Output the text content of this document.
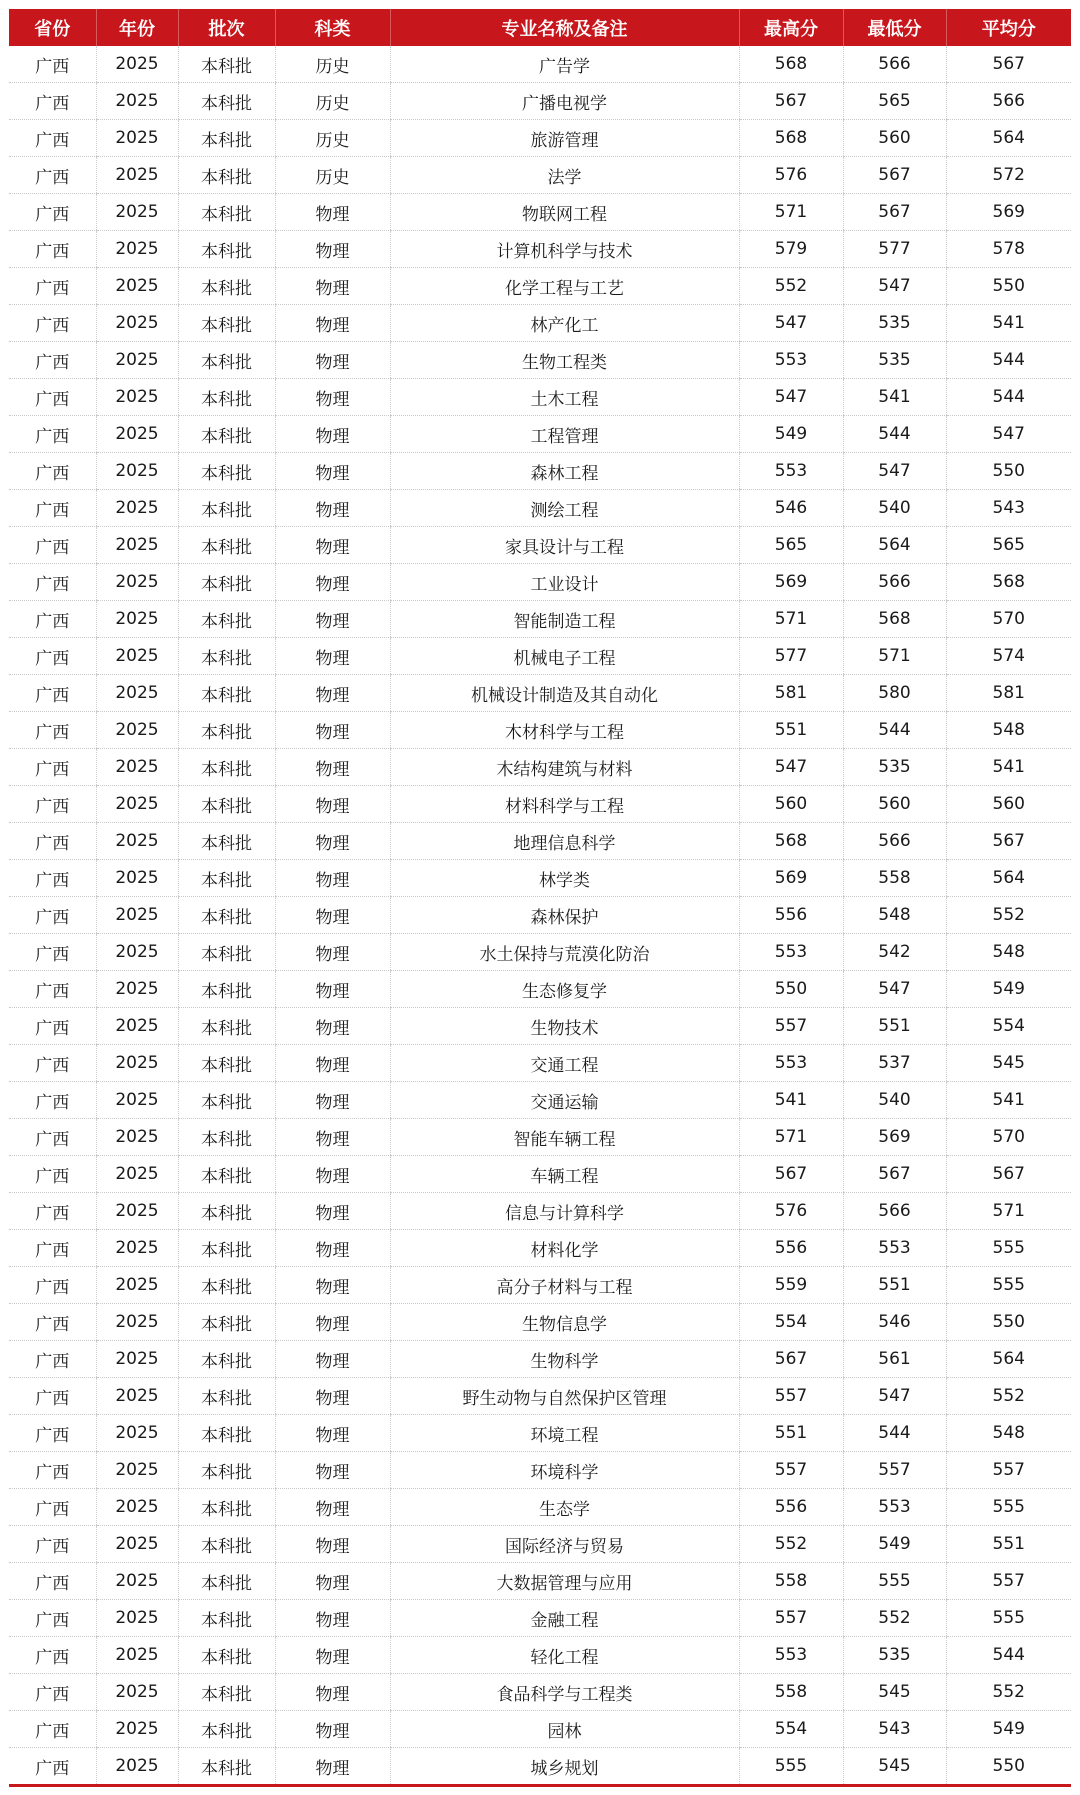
省份	年份	批次	科类	专业名称及备注	最高分	最低分	平均分
广西	2025	本科批	历史	广告学	568	566	567
广西	2025	本科批	历史	广播电视学	567	565	566
广西	2025	本科批	历史	旅游管理	568	560	564
广西	2025	本科批	历史	法学	576	567	572
广西	2025	本科批	物理	物联网工程	571	567	569
广西	2025	本科批	物理	计算机科学与技术	579	577	578
广西	2025	本科批	物理	化学工程与工艺	552	547	550
广西	2025	本科批	物理	林产化工	547	535	541
广西	2025	本科批	物理	生物工程类	553	535	544
广西	2025	本科批	物理	土木工程	547	541	544
广西	2025	本科批	物理	工程管理	549	544	547
广西	2025	本科批	物理	森林工程	553	547	550
广西	2025	本科批	物理	测绘工程	546	540	543
广西	2025	本科批	物理	家具设计与工程	565	564	565
广西	2025	本科批	物理	工业设计	569	566	568
广西	2025	本科批	物理	智能制造工程	571	568	570
广西	2025	本科批	物理	机械电子工程	577	571	574
广西	2025	本科批	物理	机械设计制造及其自动化	581	580	581
广西	2025	本科批	物理	木材科学与工程	551	544	548
广西	2025	本科批	物理	木结构建筑与材料	547	535	541
广西	2025	本科批	物理	材料科学与工程	560	560	560
广西	2025	本科批	物理	地理信息科学	568	566	567
广西	2025	本科批	物理	林学类	569	558	564
广西	2025	本科批	物理	森林保护	556	548	552
广西	2025	本科批	物理	水土保持与荒漠化防治	553	542	548
广西	2025	本科批	物理	生态修复学	550	547	549
广西	2025	本科批	物理	生物技术	557	551	554
广西	2025	本科批	物理	交通工程	553	537	545
广西	2025	本科批	物理	交通运输	541	540	541
广西	2025	本科批	物理	智能车辆工程	571	569	570
广西	2025	本科批	物理	车辆工程	567	567	567
广西	2025	本科批	物理	信息与计算科学	576	566	571
广西	2025	本科批	物理	材料化学	556	553	555
广西	2025	本科批	物理	高分子材料与工程	559	551	555
广西	2025	本科批	物理	生物信息学	554	546	550
广西	2025	本科批	物理	生物科学	567	561	564
广西	2025	本科批	物理	野生动物与自然保护区管理	557	547	552
广西	2025	本科批	物理	环境工程	551	544	548
广西	2025	本科批	物理	环境科学	557	557	557
广西	2025	本科批	物理	生态学	556	553	555
广西	2025	本科批	物理	国际经济与贸易	552	549	551
广西	2025	本科批	物理	大数据管理与应用	558	555	557
广西	2025	本科批	物理	金融工程	557	552	555
广西	2025	本科批	物理	轻化工程	553	535	544
广西	2025	本科批	物理	食品科学与工程类	558	545	552
广西	2025	本科批	物理	园林	554	543	549
广西	2025	本科批	物理	城乡规划	555	545	550
